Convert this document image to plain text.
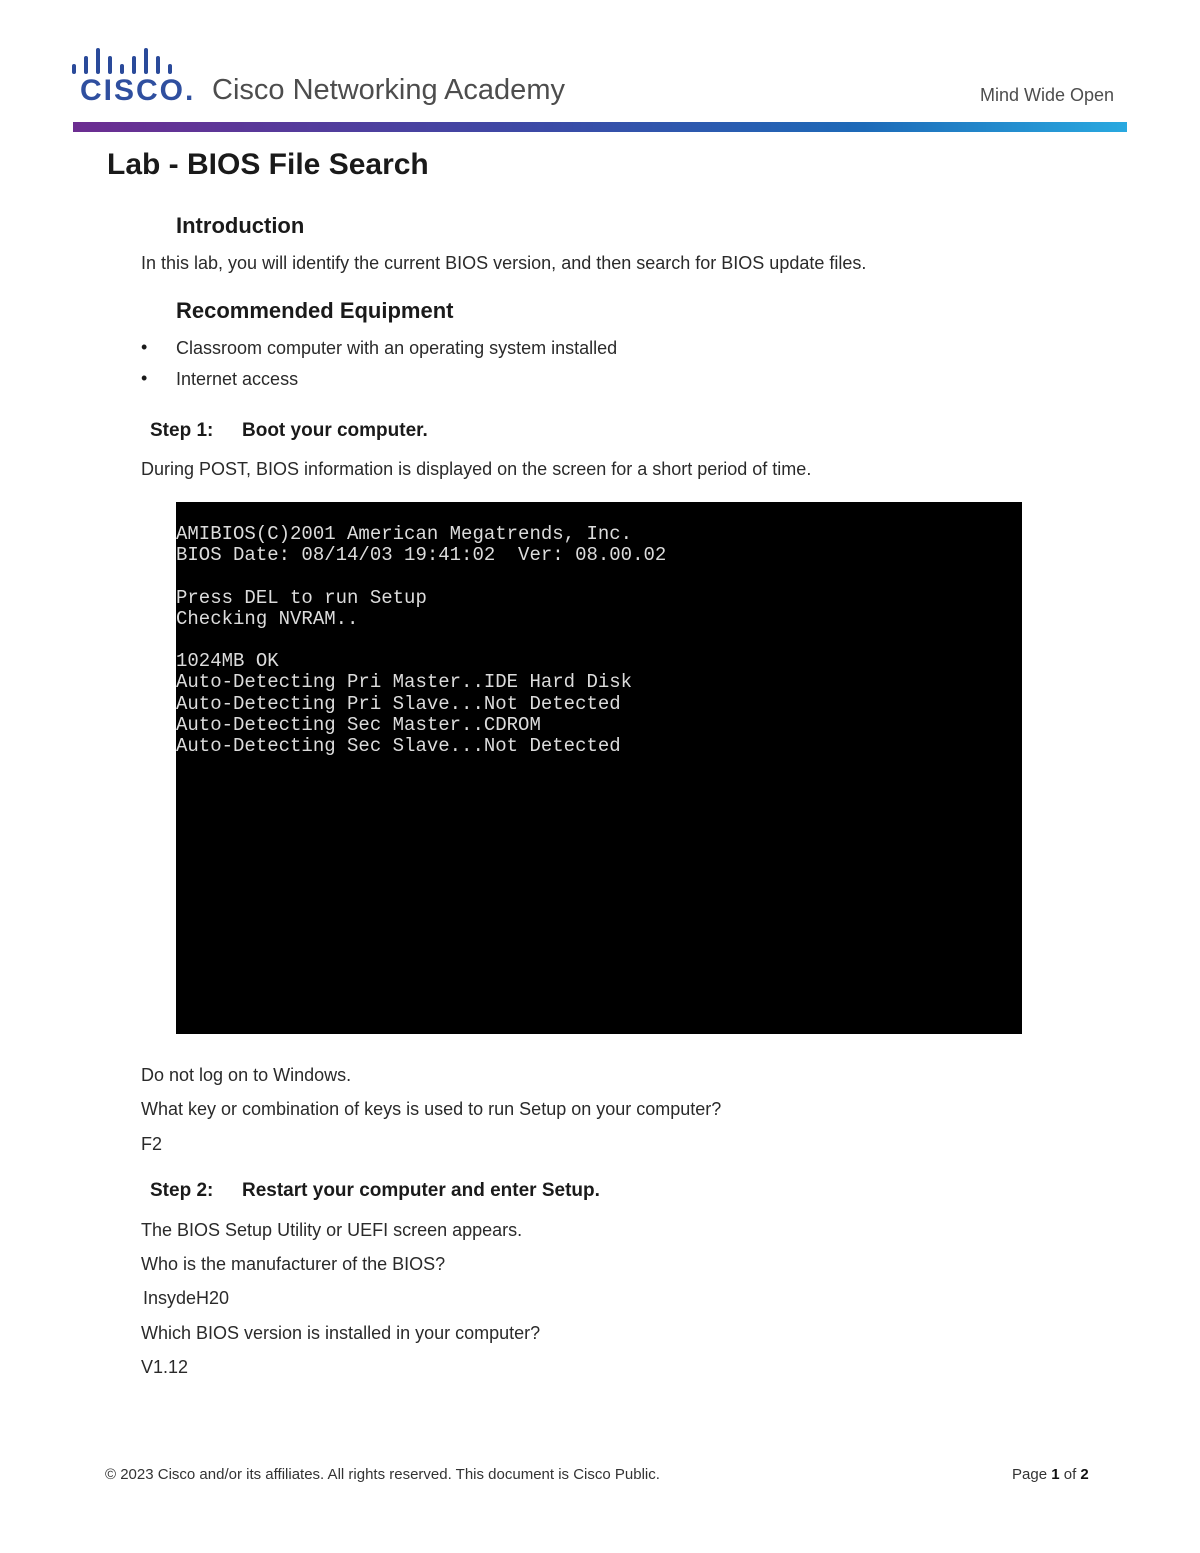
CISCO. Cisco Networking Academy	Mind Wide Open
Lab - BIOS File Search
Introduction
In this lab, you will identify the current BIOS version, and then search for BIOS update files.
Recommended Equipment
• Classroom computer with an operating system installed
• Internet access
Step 1: Boot your computer.
During POST, BIOS information is displayed on the screen for a short period of time.
AMIBIOS(C)2001 American Megatrends, Inc.
BIOS Date: 08/14/03 19:41:02  Ver: 08.00.02
Press DEL to run Setup
Checking NVRAM..
1024MB OK
Auto-Detecting Pri Master..IDE Hard Disk
Auto-Detecting Pri Slave...Not Detected
Auto-Detecting Sec Master..CDROM
Auto-Detecting Sec Slave...Not Detected
Do not log on to Windows.
What key or combination of keys is used to run Setup on your computer?
F2
Step 2: Restart your computer and enter Setup.
The BIOS Setup Utility or UEFI screen appears.
Who is the manufacturer of the BIOS?
InsydeH20
Which BIOS version is installed in your computer?
V1.12
© 2023 Cisco and/or its affiliates. All rights reserved. This document is Cisco Public.	Page 1 of 2
